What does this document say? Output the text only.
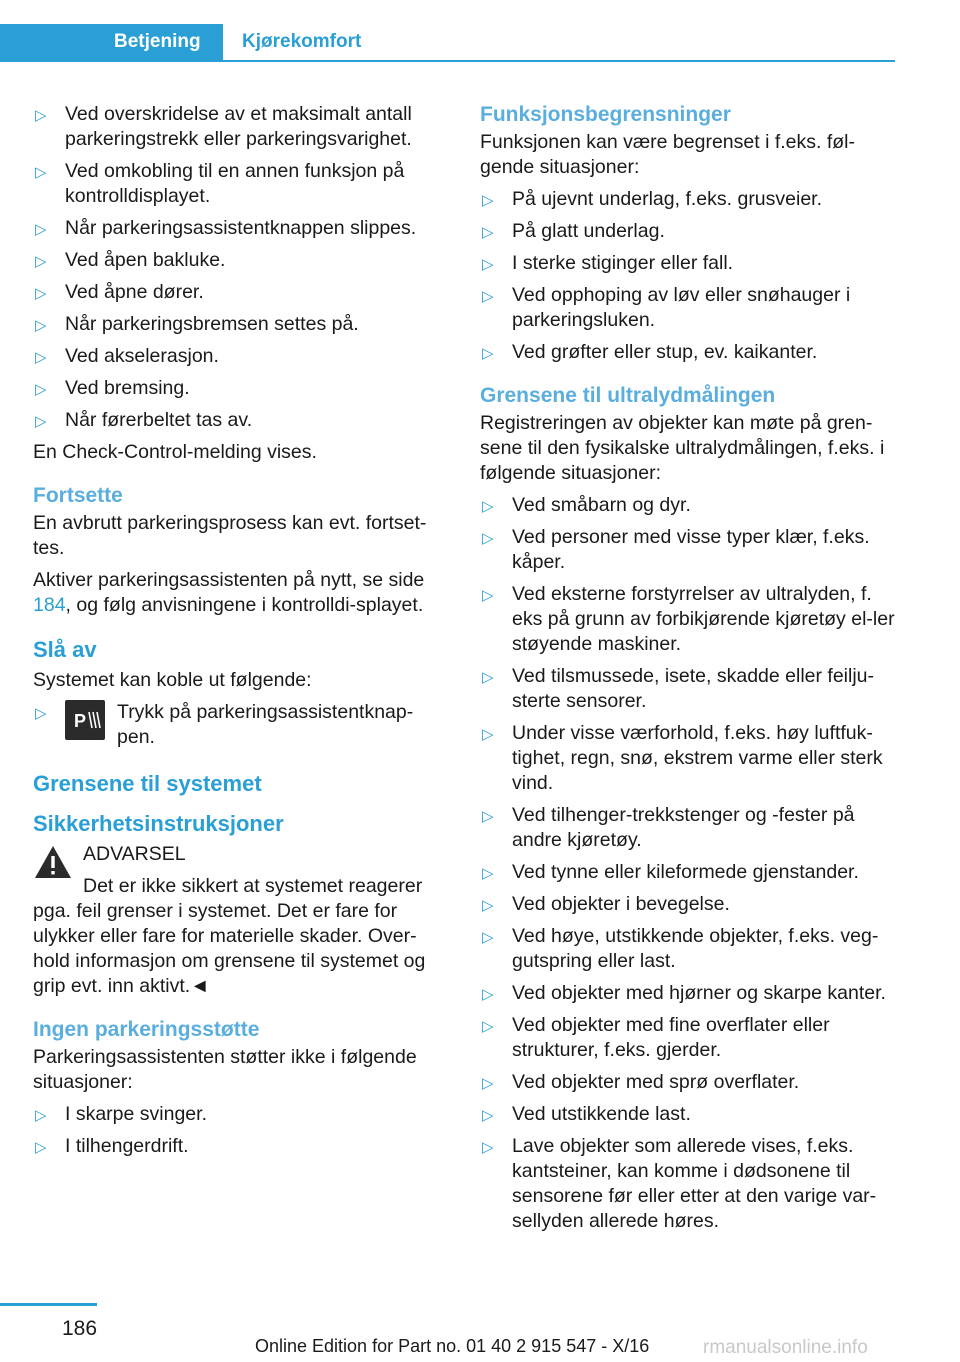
Betjening	Kjørekomfort
▷ Ved overskridelse av et maksimalt antall parkeringstrekk eller parkeringsvarighet.
▷ Ved omkobling til en annen funksjon på kontrolldisplayet.
▷ Når parkeringsassistentknappen slippes.
▷ Ved åpen bakluke.
▷ Ved åpne dører.
▷ Når parkeringsbremsen settes på.
▷ Ved akselerasjon.
▷ Ved bremsing.
▷ Når førerbeltet tas av.

En Check-Control-melding vises.

Fortsette

En avbrutt parkeringsprosess kan evt. fortset-tes.

Aktiver parkeringsassistenten på nytt, se side 184, og følg anvisningene i kontrolldi-splayet.

Slå av

Systemet kan koble ut følgende:

▷ P Trykk på parkeringsassistentknap-pen.
Grensene til systemet
Sikkerhetsinstruksjoner

ADVARSEL

Det er ikke sikkert at systemet reagerer pga. feil grenser i systemet. Det er fare for ulykker eller fare for materielle skader. Over-hold informasjon om grensene til systemet og grip evt. inn aktivt.◄

Ingen parkeringsstøtte

Parkeringsassistenten støtter ikke i følgende situasjoner:

▷ I skarpe svinger.
▷ I tilhengerdrift.
Funksjonsbegrensninger

Funksjonen kan være begrenset i f.eks. føl-gende situasjoner:

▷ På ujevnt underlag, f.eks. grusveier.
▷ På glatt underlag.
▷ I sterke stiginger eller fall.
▷ Ved opphoping av løv eller snøhauger i parkeringsluken.
▷ Ved grøfter eller stup, ev. kaikanter.
Grensene til ultralydmålingen

Registreringen av objekter kan møte på gren-sene til den fysikalske ultralydmålingen, f.eks. i følgende situasjoner:

▷ Ved småbarn og dyr.
▷ Ved personer med visse typer klær, f.eks. kåper.
▷ Ved eksterne forstyrrelser av ultralyden, f. eks på grunn av forbikjørende kjøretøy el-ler støyende maskiner.
▷ Ved tilsmussede, isete, skadde eller feilju-sterte sensorer.
▷ Under visse værforhold, f.eks. høy luftfuk-tighet, regn, snø, ekstrem varme eller sterk vind.
▷ Ved tilhenger-trekkstenger og -fester på andre kjøretøy.
▷ Ved tynne eller kileformede gjenstander.
▷ Ved objekter i bevegelse.
▷ Ved høye, utstikkende objekter, f.eks. veg-gutspring eller last.
▷ Ved objekter med hjørner og skarpe kanter.
▷ Ved objekter med fine overflater eller strukturer, f.eks. gjerder.
▷ Ved objekter med sprø overflater.
▷ Ved utstikkende last.
▷ Lave objekter som allerede vises, f.eks. kantsteiner, kan komme i dødsonene til sensorene før eller etter at den varige var-sellyden allerede høres.
186
Online Edition for Part no. 01 40 2 915 547 - X/16	rmanualsonline.info
